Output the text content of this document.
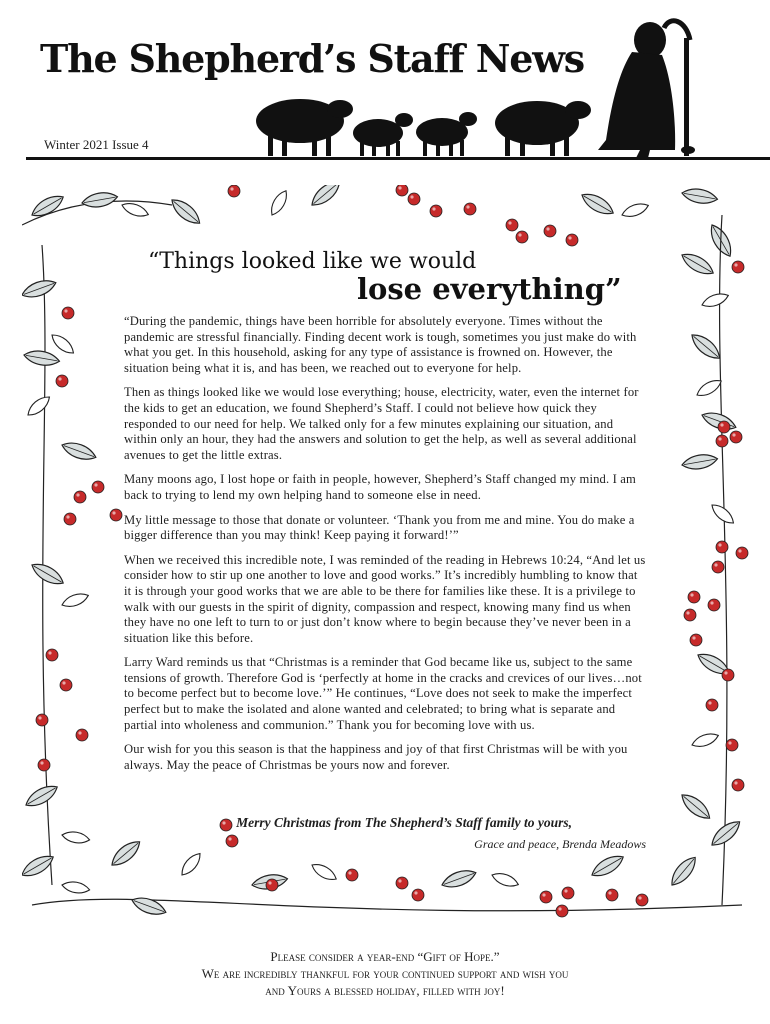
The Shepherd’s Staff News
Winter 2021 Issue 4
“Things looked like we would
lose everything”

“During the pandemic, things have been horrible for absolutely everyone. Times without the pandemic are stressful financially. Finding decent work is tough, sometimes you just make do with what you get. In this household, asking for any type of assistance is frowned on. However, the situation being what it is, and has been, we reached out to everyone for help.

Then as things looked like we would lose everything; house, electricity, water, even the internet for the kids to get an education, we found Shepherd’s Staff. I could not believe how quick they responded to our need for help. We talked only for a few minutes explaining our situation, and within only an hour, they had the answers and solution to get the help, as well as several additional avenues to get the little extras.

Many moons ago, I lost hope or faith in people, however, Shepherd’s Staff changed my mind. I am back to trying to lend my own helping hand to someone else in need.

My little message to those that donate or volunteer. ‘Thank you from me and mine. You do make a bigger difference than you may think! Keep paying it forward!’”

When we received this incredible note, I was reminded of the reading in Hebrews 10:24, “And let us consider how to stir up one another to love and good works.” It’s incredibly humbling to know that it is through your good works that we are able to be there for families like these. It is a privilege to walk with our guests in the spirit of dignity, compassion and respect, knowing many find us when they have no one left to turn to or just don’t know where to begin because they’ve never been in a situation like this before.

Larry Ward reminds us that “Christmas is a reminder that God became like us, subject to the same tensions of growth. Therefore God is ‘perfectly at home in the cracks and crevices of our lives…not to become perfect but to become love.’” He continues, “Love does not seek to make the imperfect perfect but to make the isolated and alone wanted and celebrated; to bring what is separate and partial into wholeness and communion.” Thank you for becoming love with us.

Our wish for you this season is that the happiness and joy of that first Christmas will be with you always. May the peace of Christmas be yours now and forever.

Merry Christmas from The Shepherd’s Staff family to yours,
Grace and peace, Brenda Meadows
Please consider a year-end “Gift of Hope.”
We are incredibly thankful for your continued support and wish you
and Yours a blessed holiday, filled with joy!
